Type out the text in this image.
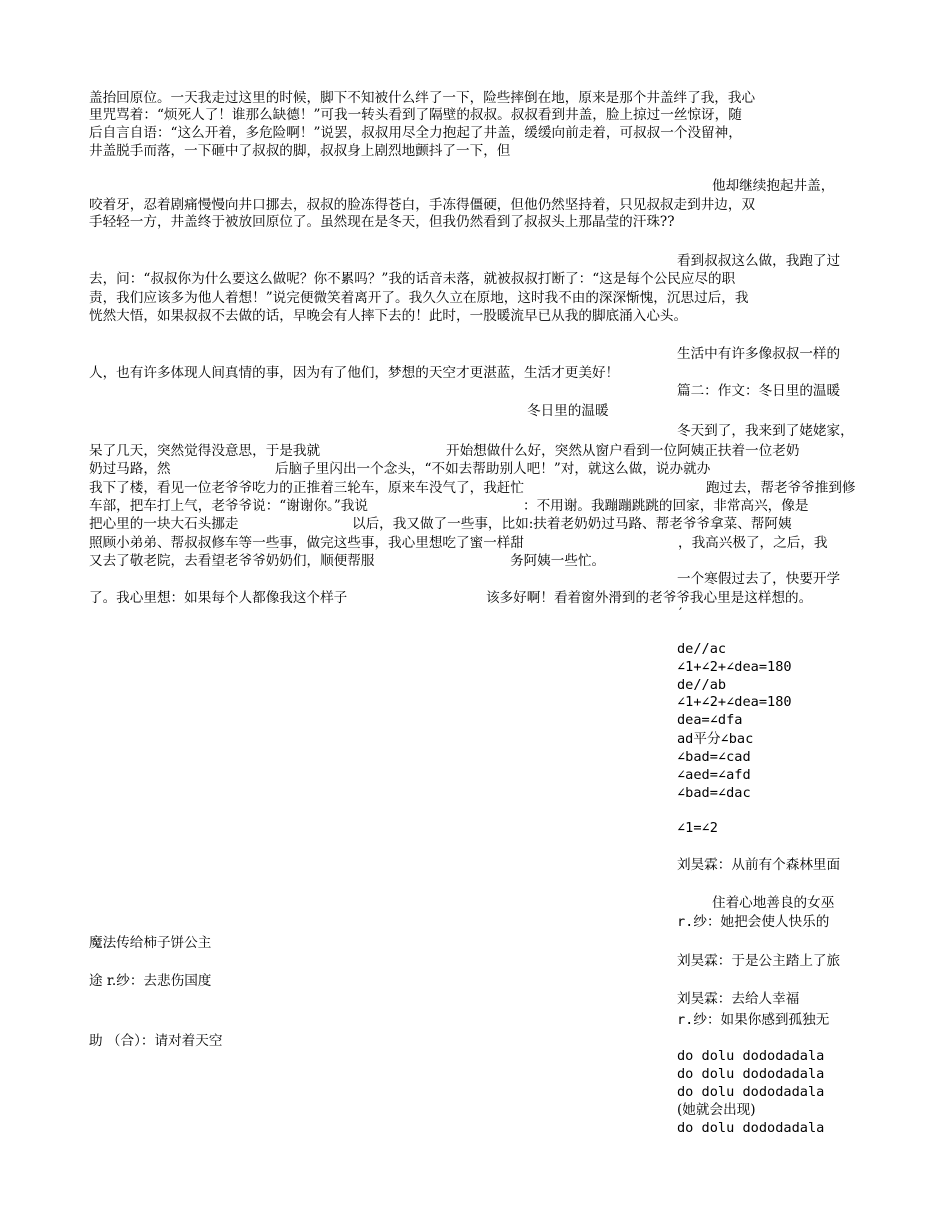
盖抬回原位。一天我走过这里的时候，脚下不知被什么绊了一下，险些摔倒在地，原来是那个井盖绊了我，我心
里咒骂着：“烦死人了！谁那么缺德！”可我一转头看到了隔壁的叔叔。叔叔看到井盖，脸上掠过一丝惊讶，随
后自言自语：“这么开着，多危险啊！”说罢，叔叔用尽全力抱起了井盖，缓缓向前走着，可叔叔一个没留神，
井盖脱手而落，一下砸中了叔叔的脚，叔叔身上剧烈地颤抖了一下，但
他却继续抱起井盖，
咬着牙，忍着剧痛慢慢向井口挪去，叔叔的脸冻得苍白，手冻得僵硬，但他仍然坚持着，只见叔叔走到井边，双
手轻轻一方，井盖终于被放回原位了。虽然现在是冬天，但我仍然看到了叔叔头上那晶莹的汗珠??
看到叔叔这么做，我跑了过
去，问：“叔叔你为什么要这么做呢？你不累吗？”我的话音未落，就被叔叔打断了：“这是每个公民应尽的职
责，我们应该多为他人着想！”说完便微笑着离开了。我久久立在原地，这时我不由的深深惭愧，沉思过后，我
恍然大悟，如果叔叔不去做的话，早晚会有人摔下去的！此时，一股暖流早已从我的脚底涌入心头。
生活中有许多像叔叔一样的
人，也有许多体现人间真情的事，因为有了他们，梦想的天空才更湛蓝，生活才更美好！
篇二：作文：冬日里的温暖
冬日里的温暖
冬天到了，我来到了姥姥家，
呆了几天，突然觉得没意思，于是我就	开始想做什么好，突然从窗户看到一位阿姨正扶着一位老奶
奶过马路，然	后脑子里闪出一个念头，“不如去帮助别人吧！”对，就这么做，说办就办
我下了楼，看见一位老爷爷吃力的正推着三轮车，原来车没气了，我赶忙	跑过去，帮老爷爷推到修
车部，把车打上气，老爷爷说：“谢谢你。”我说	：不用谢。我蹦蹦跳跳的回家，非常高兴，像是
把心里的一块大石头挪走	以后，我又做了一些事，比如:扶着老奶奶过马路、帮老爷爷拿菜、帮阿姨
照顾小弟弟、帮叔叔修车等一些事，做完这些事，我心里想吃了蜜一样甜	，我高兴极了，之后，我
又去了敬老院，去看望老爷爷奶奶们，顺便帮服	务阿姨一些忙。
一个寒假过去了，快要开学
了。我心里想：如果每个人都像我这个样子	该多好啊！看着窗外滑到的老爷爷我心里是这样想的。
′
de//ac
∠1+∠2+∠dea=180
de//ab
∠1+∠2+∠dea=180
dea=∠dfa
ad平分∠bac
∠bad=∠cad
∠aed=∠afd
∠bad=∠dac
∠1=∠2
刘昊霖：从前有个森林里面
住着心地善良的女巫
r.纱：她把会使人快乐的
魔法传给柿子饼公主
刘昊霖：于是公主踏上了旅
途 r.纱：去悲伤国度
刘昊霖：去给人幸福
r.纱：如果你感到孤独无
助 （合）：请对着天空
do dolu dododadala
do dolu dododadala
do dolu dododadala
(她就会出现)
do dolu dododadala
